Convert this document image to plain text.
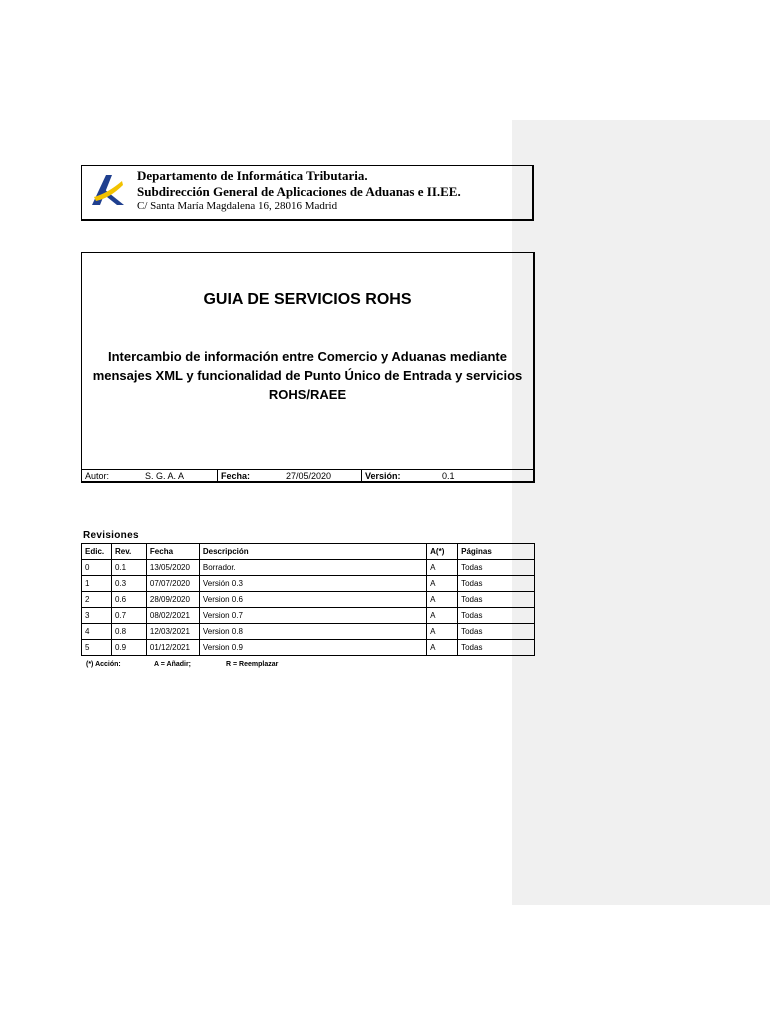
Departamento de Informática Tributaria.
Subdirección General de Aplicaciones de Aduanas e II.EE.
C/ Santa María Magdalena 16, 28016 Madrid
GUIA DE SERVICIOS ROHS
Intercambio de información entre Comercio y Aduanas mediante mensajes XML y funcionalidad de Punto Único de Entrada y servicios ROHS/RAEE
Autor:	S. G. A. A	Fecha:	27/05/2020	Versión:	0.1
Revisiones
Edic.	Rev.	Fecha	Descripción	A(*)	Páginas
0	0.1	13/05/2020	Borrador.	A	Todas
1	0.3	07/07/2020	Versión 0.3	A	Todas
2	0.6	28/09/2020	Version 0.6	A	Todas
3	0.7	08/02/2021	Version 0.7	A	Todas
4	0.8	12/03/2021	Version 0.8	A	Todas
5	0.9	01/12/2021	Version 0.9	A	Todas
(*) Acción:	A = Añadir;	R = Reemplazar
